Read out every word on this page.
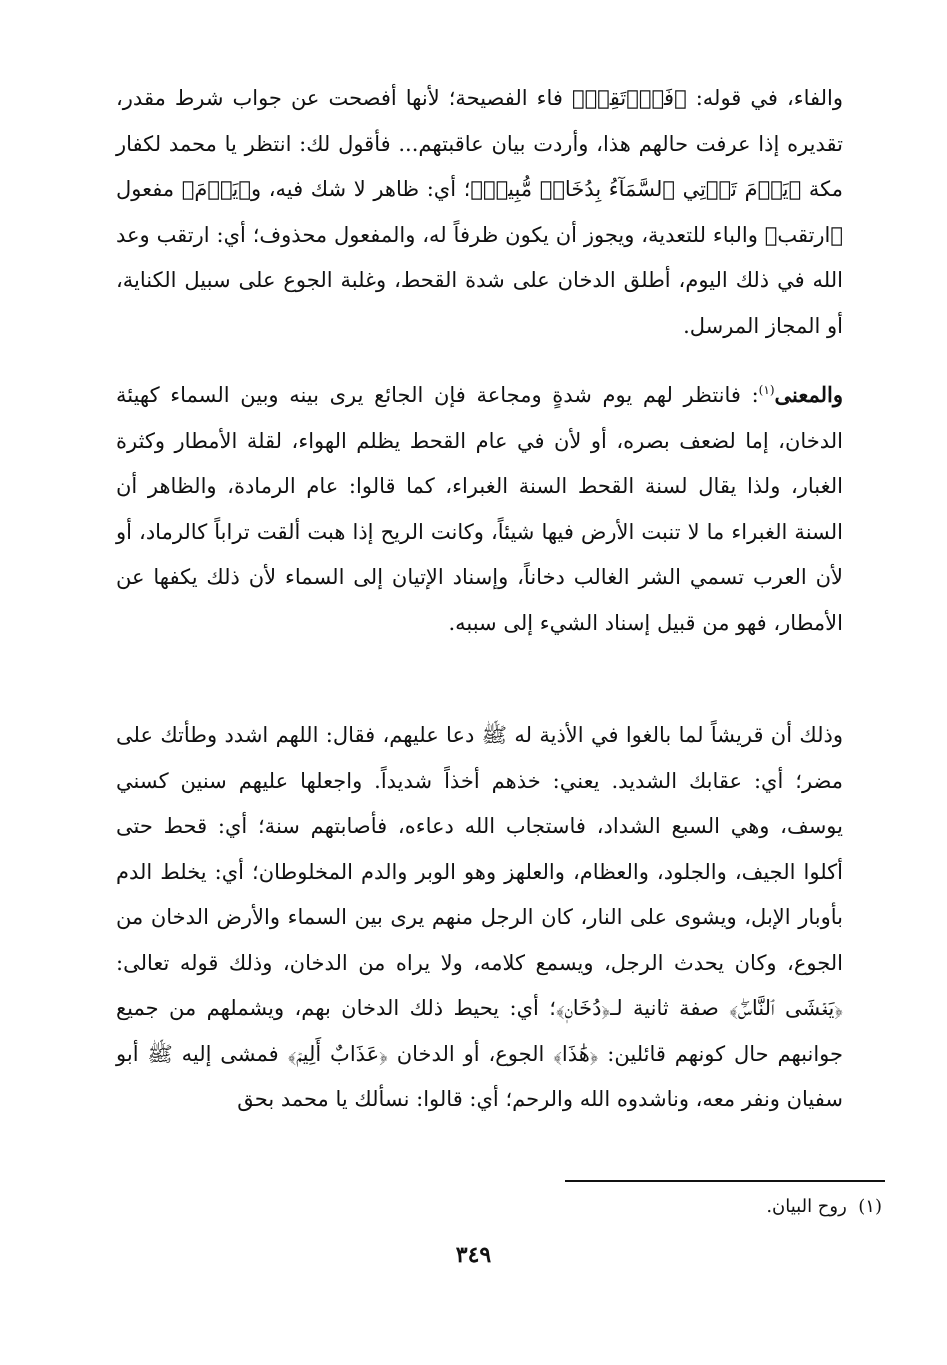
والفاء، في قوله: ﴿فَٱرۡتَقِبۡ﴾ فاء الفصيحة؛ لأنها أفصحت عن جواب شرط مقدر، تقديره إذا عرفت حالهم هذا، وأردت بيان عاقبتهم... فأقول لك: انتظر يا محمد لكفار مكة ﴿يَوۡمَ تَأۡتِي ٱلسَّمَآءُ بِدُخَانٖ مُّبِينٖ﴾؛ أي: ظاهر لا شك فيه، و﴿يَوۡمَ﴾ مفعول ﴿ارتقب﴾ والباء للتعدية، ويجوز أن يكون ظرفاً له، والمفعول محذوف؛ أي: ارتقب وعد الله في ذلك اليوم، أطلق الدخان على شدة القحط، وغلبة الجوع على سبيل الكناية، أو المجاز المرسل.

والمعنى$^{(١)}$: فانتظر لهم يوم شدةٍ ومجاعة فإن الجائع يرى بينه وبين السماء كهيئة الدخان، إما لضعف بصره، أو لأن في عام القحط يظلم الهواء، لقلة الأمطار وكثرة الغبار، ولذا يقال لسنة القحط السنة الغبراء، كما قالوا: عام الرمادة، والظاهر أن السنة الغبراء ما لا تنبت الأرض فيها شيئاً، وكانت الريح إذا هبت ألقت تراباً كالرماد، أو لأن العرب تسمي الشر الغالب دخاناً، وإسناد الإتيان إلى السماء لأن ذلك يكفها عن الأمطار، فهو من قبيل إسناد الشيء إلى سببه.

وذلك أن قريشاً لما بالغوا في الأذية له ﷺ دعا عليهم، فقال: اللهم اشدد وطأتك على مضر؛ أي: عقابك الشديد. يعني: خذهم أخذاً شديداً. واجعلها عليهم سنين كسني يوسف، وهي السبع الشداد، فاستجاب الله دعاءه، فأصابتهم سنة؛ أي: قحط حتى أكلوا الجيف، والجلود، والعظام، والعلهز وهو الوبر والدم المخلوطان؛ أي: يخلط الدم بأوبار الإبل، ويشوى على النار، كان الرجل منهم يرى بين السماء والأرض الدخان من الجوع، وكان يحدث الرجل، ويسمع كلامه، ولا يراه من الدخان، وذلك قوله تعالى: ﴿يَغۡشَى ٱلنَّاسَۖ﴾ صفة ثانية لـ﴿دُخَانٖ﴾؛ أي: يحيط ذلك الدخان بهم، ويشملهم من جميع جوانبهم حال كونهم قائلين: ﴿هَٰذَا﴾ الجوع، أو الدخان ﴿عَذَابٌ أَلِيمٞ﴾ فمشى إليه ﷺ أبو سفيان ونفر معه، وناشدوه الله والرحم؛ أي: قالوا: نسألك يا محمد بحق

(١)  روح البيان.

٣٤٩
